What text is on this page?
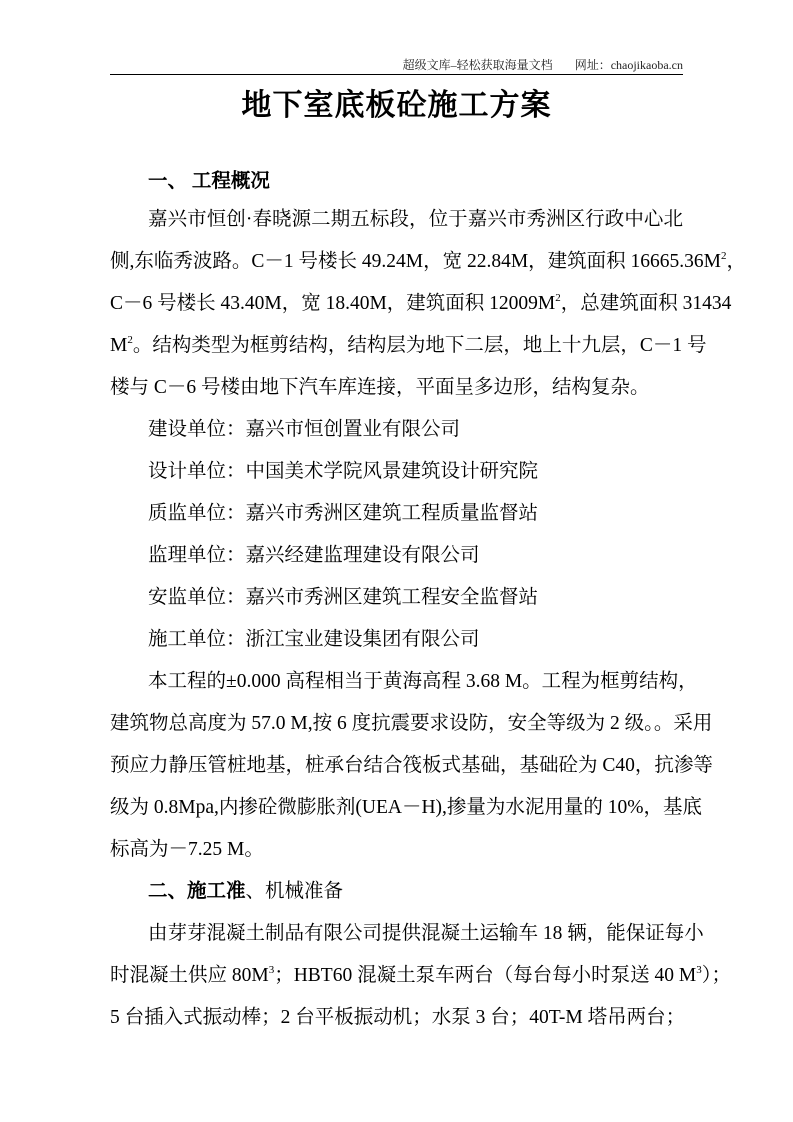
超级文库–轻松获取海量文档 网址：chaojikaoba.cn
地下室底板砼施工方案
一、 工程概况
嘉兴市恒创·春晓源二期五标段，位于嘉兴市秀洲区行政中心北
侧,东临秀波路。C－1 号楼长 49.24M，宽 22.84M，建筑面积 $16665.36M^2$，
C－6 号楼长 43.40M，宽 18.40M，建筑面积 $12009M^2$，总建筑面积 31434
$M^2$。结构类型为框剪结构，结构层为地下二层，地上十九层，C－1 号
楼与 C－6 号楼由地下汽车库连接，平面呈多边形，结构复杂。
建设单位：嘉兴市恒创置业有限公司
设计单位：中国美术学院风景建筑设计研究院
质监单位：嘉兴市秀洲区建筑工程质量监督站
监理单位：嘉兴经建监理建设有限公司
安监单位：嘉兴市秀洲区建筑工程安全监督站
施工单位：浙江宝业建设集团有限公司
本工程的±0.000 高程相当于黄海高程 3.68 M。工程为框剪结构，
建筑物总高度为 57.0 M,按 6 度抗震要求设防，安全等级为 2 级。。采用
预应力静压管桩地基，桩承台结合筏板式基础，基础砼为 C40，抗渗等
级为 0.8Mpa,内掺砼微膨胀剂(UEA－H),掺量为水泥用量的 10%，基底
标高为－7.25 M。
二、施工准、机械准备
由芽芽混凝土制品有限公司提供混凝土运输车 18 辆，能保证每小
时混凝土供应 $80M^3$；HBT60 混凝土泵车两台（每台每小时泵送 40 $M^3$）；
5 台插入式振动棒；2 台平板振动机；水泵 3 台；40T-M 塔吊两台；
